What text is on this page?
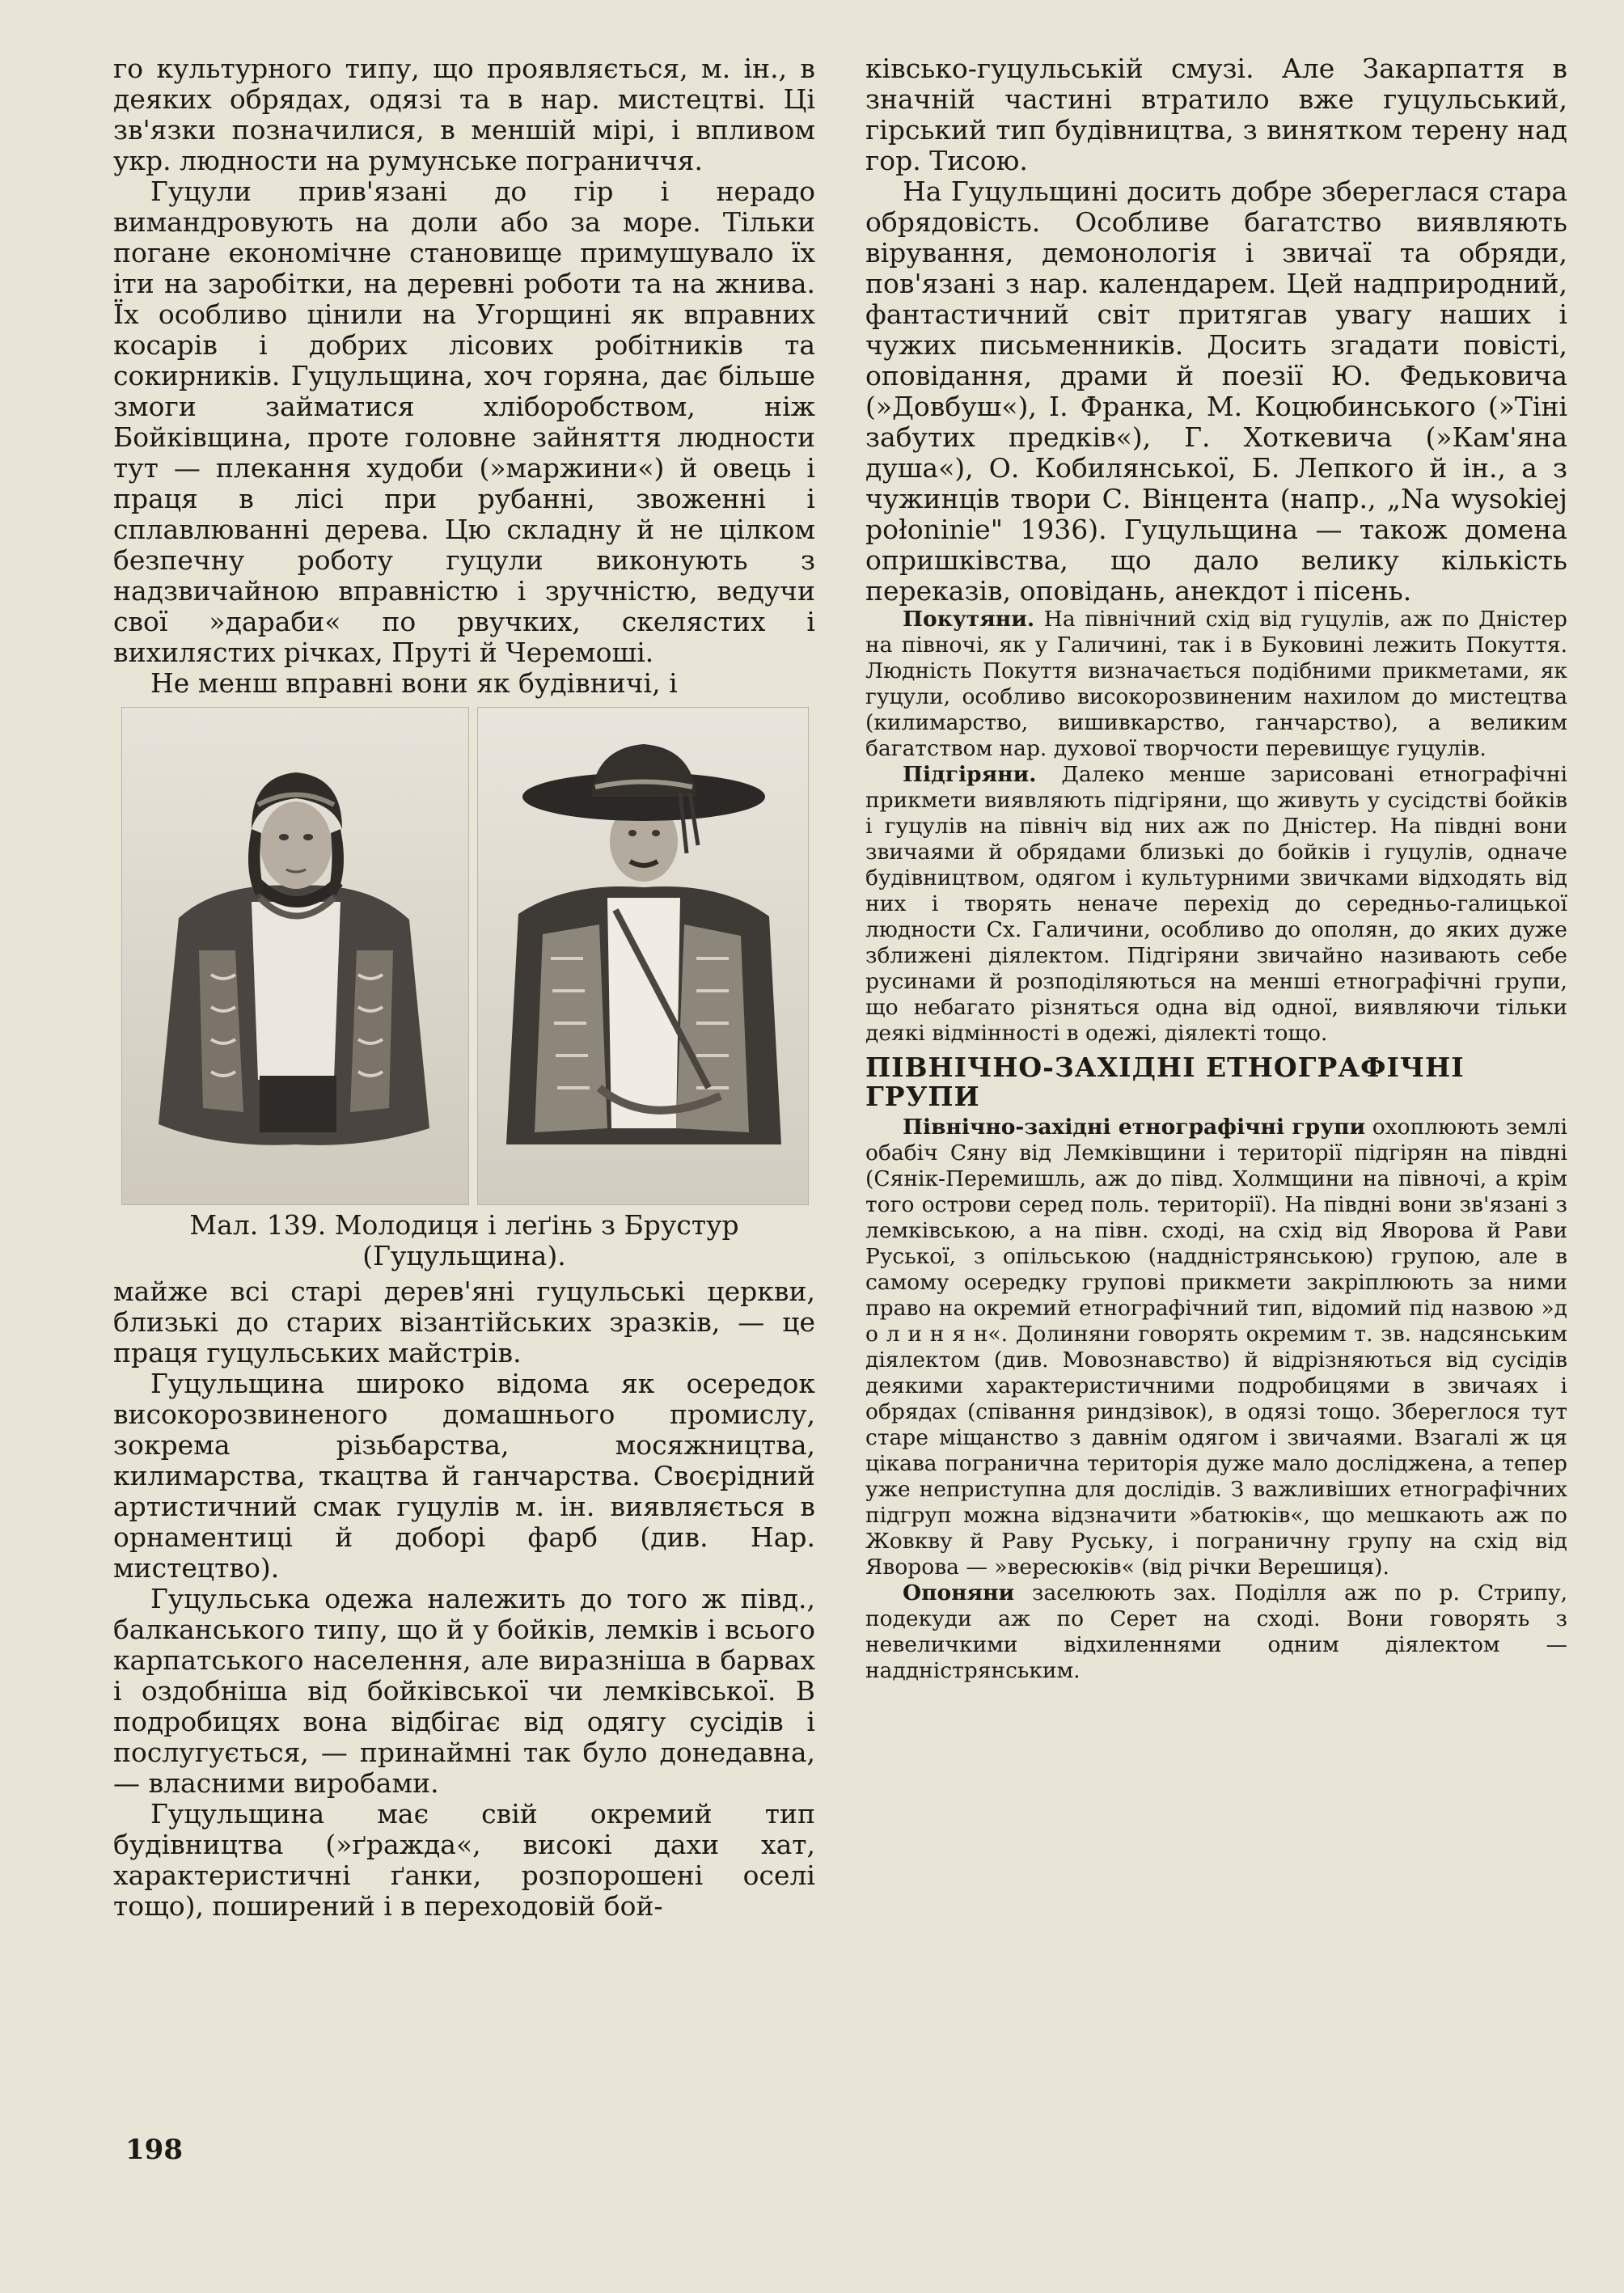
го культурного типу, що проявляється, м. ін., в деяких обрядах, одязі та в нар. мистецтві. Ці зв'язки позначилися, в меншій мірі, і впливом укр. людности на румунське пограниччя.

Гуцули прив'язані до гір і нерадо вимандровують на доли або за море. Тільки погане економічне становище примушувало їх іти на заробітки, на деревні роботи та на жнива. Їх особливо цінили на Угорщині як вправних косарів і добрих лісових робітників та сокирників. Гуцульщина, хоч горяна, дає більше змоги займатися хліборобством, ніж Бойківщина, проте головне зайняття людности тут — плекання худоби (»маржини«) й овець і праця в лісі при рубанні, звоженні і сплавлюванні дерева. Цю складну й не цілком безпечну роботу гуцули виконують з надзвичайною вправністю і зручністю, ведучи свої »дараби« по рвучких, скелястих і вихилястих річках, Пруті й Черемоші.

Не менш вправні вони як будівничі, і

Мал. 139. Молодиця і леґінь з Брустур (Гуцульщина).

майже всі старі дерев'яні гуцульські церкви, близькі до старих візантійських зразків, — це праця гуцульських майстрів.

Гуцульщина широко відома як осередок високорозвиненого домашнього промислу, зокрема різьбарства, мосяжництва, килимарства, ткацтва й ганчарства. Своєрідний артистичний смак гуцулів м. ін. виявляється в орнаментиці й доборі фарб (див. Нар. мистецтво).

Гуцульська одежа належить до того ж півд., балканського типу, що й у бойків, лемків і всього карпатського населення, але виразніша в барвах і оздобніша від бойківської чи лемківської. В подробицях вона відбігає від одягу сусідів і послугується, — принаймні так було донедавна, — власними виробами.

Гуцульщина має свій окремий тип будівництва (»ґражда«, високі дахи хат, характеристичні ґанки, розпорошені оселі тощо), поширений і в переходовій бой-

ківсько-гуцульській смузі. Але Закарпаття в значній частині втратило вже гуцульський, гірський тип будівництва, з винятком терену над гор. Тисою.

На Гуцульщині досить добре збереглася стара обрядовість. Особливе багатство виявляють вірування, демонологія і звичаї та обряди, пов'язані з нар. календарем. Цей надприродний, фантастичний світ притягав увагу наших і чужих письменників. Досить згадати повісті, оповідання, драми й поезії Ю. Федьковича (»Довбуш«), І. Франка, М. Коцюбинського (»Тіні забутих предків«), Г. Хоткевича (»Кам'яна душа«), О. Кобилянської, Б. Лепкого й ін., а з чужинців твори С. Вінцента (напр., „Na wysokiej połoninie" 1936). Гуцульщина — також домена опришківства, що дало велику кількість переказів, оповідань, анекдот і пісень.

Покутяни. На північний схід від гуцулів, аж по Дністер на півночі, як у Галичині, так і в Буковині лежить Покуття. Людність Покуття визначається подібними прикметами, як гуцули, особливо високорозвиненим нахилом до мистецтва (килимарство, вишивкарство, ганчарство), а великим багатством нар. духової творчости перевищує гуцулів.

Підгіряни. Далеко менше зарисовані етнографічні прикмети виявляють підгіряни, що живуть у сусідстві бойків і гуцулів на північ від них аж по Дністер. На півдні вони звичаями й обрядами близькі до бойків і гуцулів, одначе будівництвом, одягом і культурними звичками відходять від них і творять неначе перехід до середньо-галицької людности Сх. Галичини, особливо до ополян, до яких дуже зближені діялектом. Підгіряни звичайно називають себе русинами й розподіляються на менші етнографічні групи, що небагато різняться одна від одної, виявляючи тільки деякі відмінності в одежі, діялекті тощо.

ПІВНІЧНО-ЗАХІДНІ ЕТНОГРАФІЧНІ ГРУПИ

Північно-західні етнографічні групи охоплюють землі обабіч Сяну від Лемківщини і території підгірян на півдні (Сянік-Перемишль, аж до півд. Холмщини на півночі, а крім того острови серед поль. території). На півдні вони зв'язані з лемківською, а на півн. сході, на схід від Яворова й Рави Руської, з опільською (наддністрянською) групою, але в самому осередку групові прикмети закріплюють за ними право на окремий етнографічний тип, відомий під назвою »д о л и н я н«. Долиняни говорять окремим т. зв. надсянським діялектом (див. Мовознавство) й відрізняються від сусідів деякими характеристичними подробицями в звичаях і обрядах (співання риндзівок), в одязі тощо. Збереглося тут старе міщанство з давнім одягом і звичаями. Взагалі ж ця цікава погранична територія дуже мало досліджена, а тепер уже неприступна для дослідів. З важливіших етнографічних підгруп можна відзначити »батюків«, що мешкають аж по Жовкву й Раву Руську, і пограничну групу на схід від Яворова — »вересюків« (від річки Верешиця).

Опоняни заселюють зах. Поділля аж по р. Стрипу, подекуди аж по Серет на сході. Вони говорять з невеличкими відхиленнями одним діялектом — наддністрянським.

198
